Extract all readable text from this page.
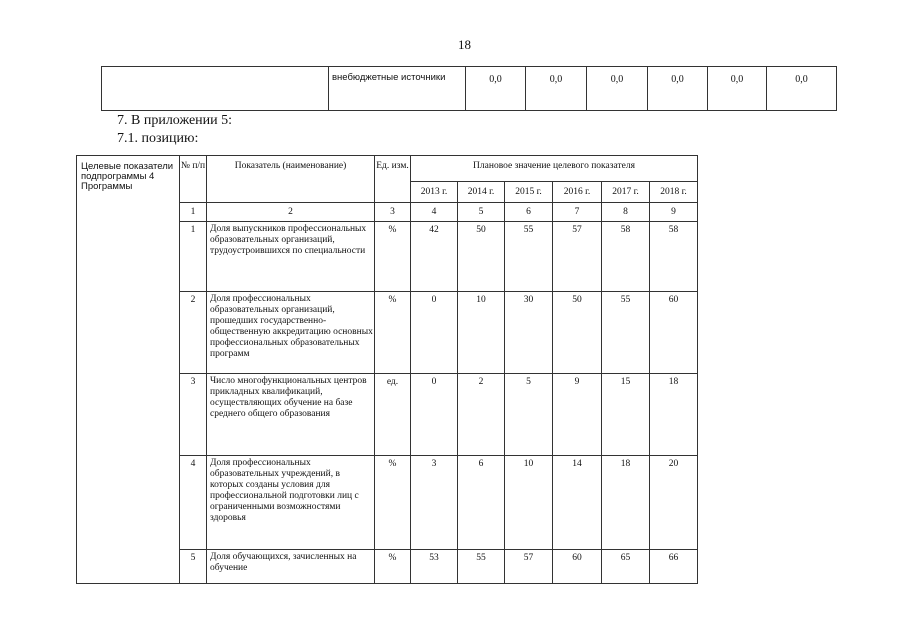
18
	внебюджетные источники	0,0	0,0	0,0	0,0	0,0	0,0
7. В приложении 5:
7.1. позицию:
Целевые показатели подпрограммы 4 Программы	№ п/п	Показатель (наименование)	Ед. изм.	Плановое значение целевого показателя					
				2013 г.	2014 г.	2015 г.	2016 г.	2017 г.	2018 г.
	1	2	3	4	5	6	7	8	9
	1	Доля выпускников профессиональных образовательных организаций, трудоустроившихся по специальности	%	42	50	55	57	58	58
	2	Доля профессиональных образовательных организаций, прошедших государственно-общественную аккредитацию основных профессиональных образовательных программ	%	0	10	30	50	55	60
	3	Число многофункциональных центров прикладных квалификаций, осуществляющих обучение на базе среднего общего образования	ед.	0	2	5	9	15	18
	4	Доля профессиональных образовательных учреждений, в которых созданы условия для профессиональной подготовки лиц с ограниченными возможностями здоровья	%	3	6	10	14	18	20
	5	Доля обучающихся, зачисленных на обучение	%	53	55	57	60	65	66
